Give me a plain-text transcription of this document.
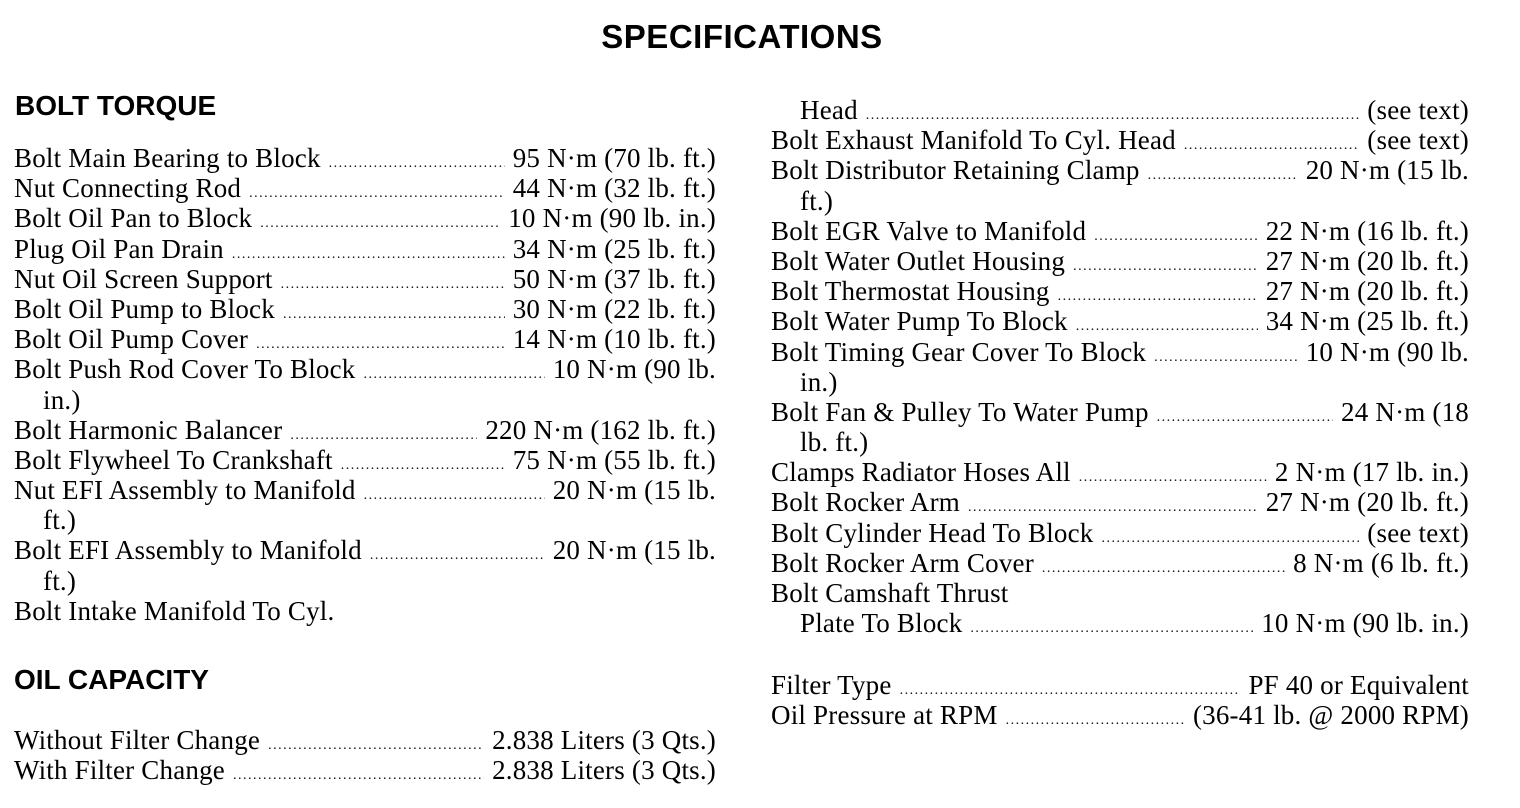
SPECIFICATIONS
BOLT TORQUE
Bolt Main Bearing to Block .....	95 N·m (70 lb. ft.)
Nut Connecting Rod .....	44 N·m (32 lb. ft.)
Bolt Oil Pan to Block .....	10 N·m (90 lb. in.)
Plug Oil Pan Drain .....	34 N·m (25 lb. ft.)
Nut Oil Screen Support .....	50 N·m (37 lb. ft.)
Bolt Oil Pump to Block .....	30 N·m (22 lb. ft.)
Bolt Oil Pump Cover .....	14 N·m (10 lb. ft.)
Bolt Push Rod Cover To Block .....	10 N·m (90 lb.
in.)
Bolt Harmonic Balancer .....	220 N·m (162 lb. ft.)
Bolt Flywheel To Crankshaft .....	75 N·m (55 lb. ft.)
Nut EFI Assembly to Manifold .....	20 N·m (15 lb.
ft.)
Bolt EFI Assembly to Manifold .....	20 N·m (15 lb.
ft.)
Bolt Intake Manifold To Cyl.
OIL CAPACITY
Without Filter Change .....	2.838 Liters (3 Qts.)
With Filter Change .....	2.838 Liters (3 Qts.)
Head .....	(see text)
Bolt Exhaust Manifold To Cyl. Head .....	(see text)
Bolt Distributor Retaining Clamp .....	20 N·m (15 lb.
ft.)
Bolt EGR Valve to Manifold .....	22 N·m (16 lb. ft.)
Bolt Water Outlet Housing .....	27 N·m (20 lb. ft.)
Bolt Thermostat Housing .....	27 N·m (20 lb. ft.)
Bolt Water Pump To Block .....	34 N·m (25 lb. ft.)
Bolt Timing Gear Cover To Block .....	10 N·m (90 lb.
in.)
Bolt Fan & Pulley To Water Pump .....	24 N·m (18
lb. ft.)
Clamps Radiator Hoses All .....	2 N·m (17 lb. in.)
Bolt Rocker Arm .....	27 N·m (20 lb. ft.)
Bolt Cylinder Head To Block .....	(see text)
Bolt Rocker Arm Cover .....	8 N·m (6 lb. ft.)
Bolt Camshaft Thrust
Plate To Block .....	10 N·m (90 lb. in.)
Filter Type .....	PF 40 or Equivalent
Oil Pressure at RPM .....	(36-41 lb. @ 2000 RPM)
